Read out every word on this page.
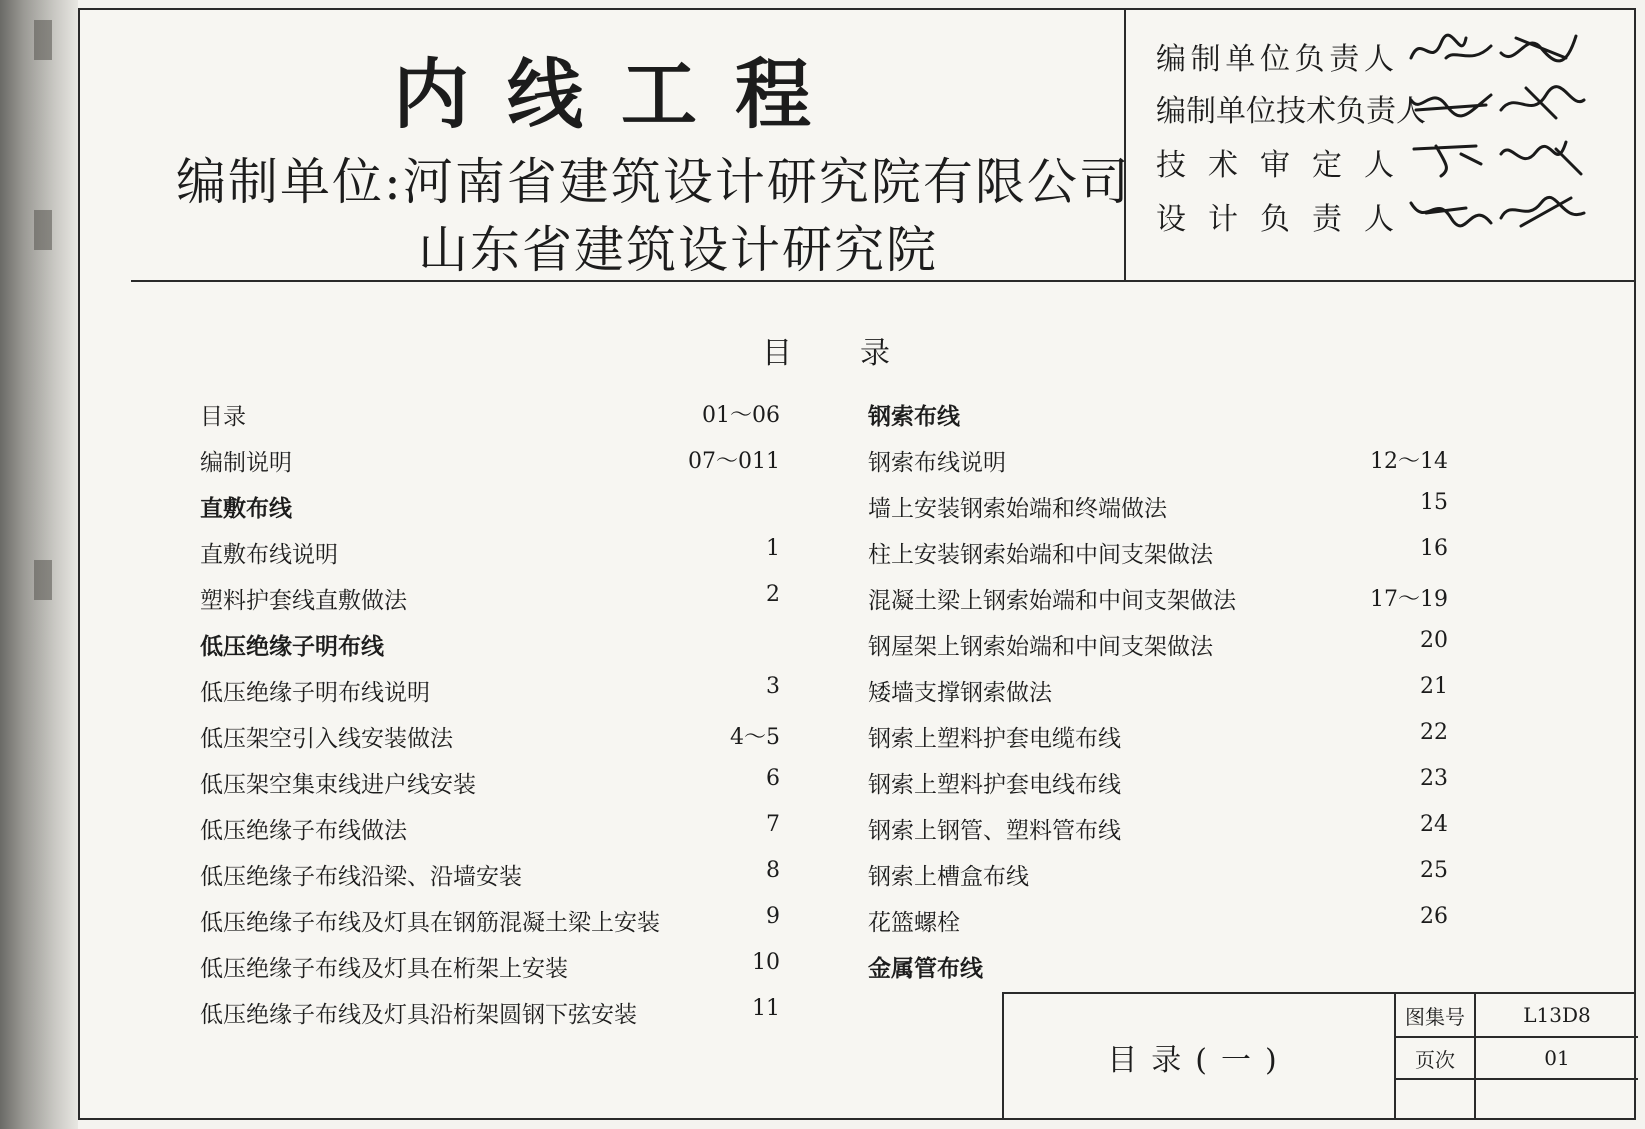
内线工程
编制单位:河南省建筑设计研究院有限公司
山东省建筑设计研究院
编 制 单 位 负 责 人
编 制 单 位 技 术 负 责 人
技 术 审 定 人
设 计 负 责 人
目录
目录	01～06
编制说明	07～011
直敷布线
直敷布线说明	1
塑料护套线直敷做法	2
低压绝缘子明布线
低压绝缘子明布线说明	3
低压架空引入线安装做法	4～5
低压架空集束线进户线安装	6
低压绝缘子布线做法	7
低压绝缘子布线沿梁、沿墙安装	8
低压绝缘子布线及灯具在钢筋混凝土梁上安装	9
低压绝缘子布线及灯具在桁架上安装	10
低压绝缘子布线及灯具沿桁架圆钢下弦安装	11
钢索布线
钢索布线说明	12～14
墙上安装钢索始端和终端做法	15
柱上安装钢索始端和中间支架做法	16
混凝土梁上钢索始端和中间支架做法	17～19
钢屋架上钢索始端和中间支架做法	20
矮墙支撑钢索做法	21
钢索上塑料护套电缆布线	22
钢索上塑料护套电线布线	23
钢索上钢管、塑料管布线	24
钢索上槽盒布线	25
花篮螺栓	26
金属管布线
目录(一)
图集号	L13D8
页次	01
